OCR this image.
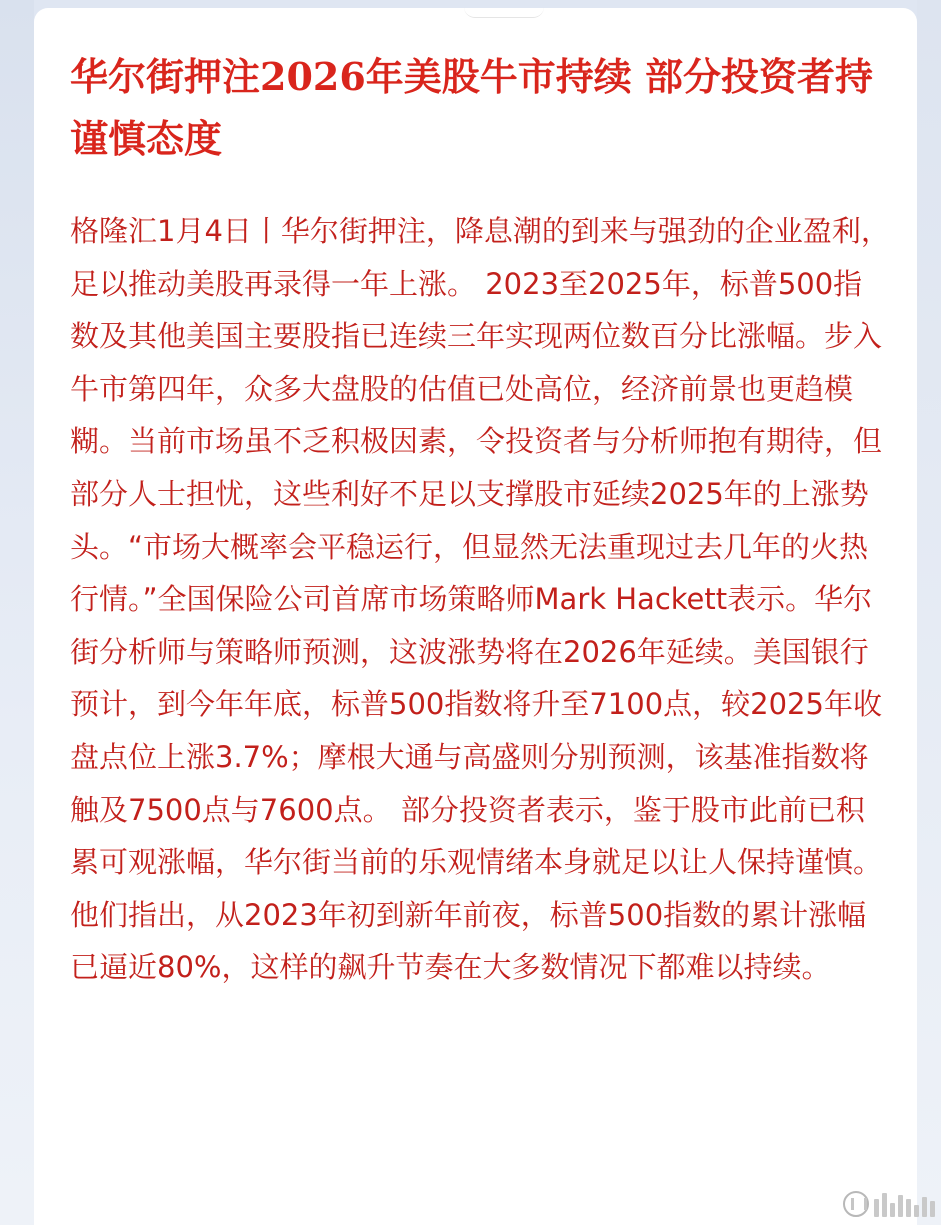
华尔街押注2026年美股牛市持续 部分投资者持谨慎态度

格隆汇1月4日丨华尔街押注，降息潮的到来与强劲的企业盈利，足以推动美股再录得一年上涨。 2023至2025年，标普500指数及其他美国主要股指已连续三年实现两位数百分比涨幅。步入牛市第四年，众多大盘股的估值已处高位，经济前景也更趋模糊。当前市场虽不乏积极因素，令投资者与分析师抱有期待，但部分人士担忧，这些利好不足以支撑股市延续2025年的上涨势头。“市场大概率会平稳运行，但显然无法重现过去几年的火热行情。”全国保险公司首席市场策略师Mark Hackett表示。华尔街分析师与策略师预测，这波涨势将在2026年延续。美国银行预计，到今年年底，标普500指数将升至7100点，较2025年收盘点位上涨3.7%；摩根大通与高盛则分别预测，该基准指数将触及7500点与7600点。 部分投资者表示，鉴于股市此前已积累可观涨幅，华尔街当前的乐观情绪本身就足以让人保持谨慎。他们指出，从2023年初到新年前夜，标普500指数的累计涨幅已逼近80%，这样的飙升节奏在大多数情况下都难以持续。
